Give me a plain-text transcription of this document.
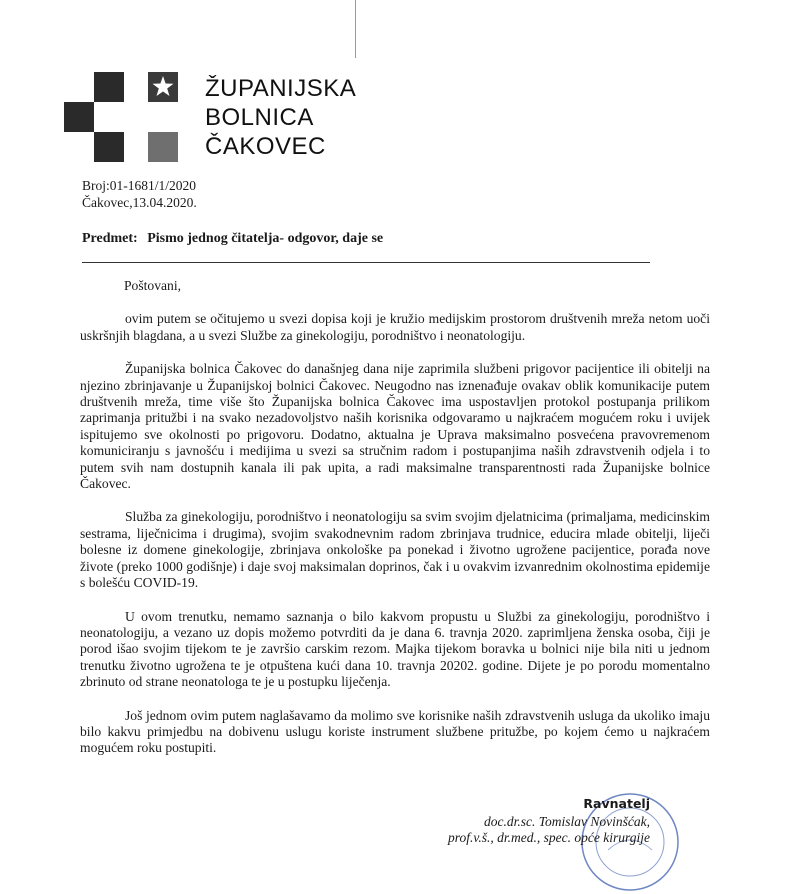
ŽUPANIJSKA
BOLNICA
ČAKOVEC
Broj:01-1681/1/2020
Čakovec,13.04.2020.
Predmet: Pismo jednog čitatelja- odgovor, daje se

Poštovani,

ovim putem se očitujemo u svezi dopisa koji je kružio medijskim prostorom društvenih mreža netom uoči uskršnjih blagdana, a u svezi Službe za ginekologiju, porodništvo i neonatologiju.

Županijska bolnica Čakovec do današnjeg dana nije zaprimila službeni prigovor pacijentice ili obitelji na njezino zbrinjavanje u Županijskoj bolnici Čakovec. Neugodno nas iznenađuje ovakav oblik komunikacije putem društvenih mreža, time više što Županijska bolnica Čakovec ima uspostavljen protokol postupanja prilikom zaprimanja pritužbi i na svako nezadovoljstvo naših korisnika odgovaramo u najkraćem mogućem roku i uvijek ispitujemo sve okolnosti po prigovoru. Dodatno, aktualna je Uprava maksimalno posvećena pravovremenom komuniciranju s javnošću i medijima u svezi sa stručnim radom i postupanjima naših zdravstvenih odjela i to putem svih nam dostupnih kanala ili pak upita, a radi maksimalne transparentnosti rada Županijske bolnice Čakovec.

Služba za ginekologiju, porodništvo i neonatologiju sa svim svojim djelatnicima (primaljama, medicinskim sestrama, liječnicima i drugima), svojim svakodnevnim radom zbrinjava trudnice, educira mlade obitelji, liječi bolesne iz domene ginekologije, zbrinjava onkološke pa ponekad i životno ugrožene pacijentice, porađa nove živote (preko 1000 godišnje) i daje svoj maksimalan doprinos, čak i u ovakvim izvanrednim okolnostima epidemije s bolešću COVID-19.

U ovom trenutku, nemamo saznanja o bilo kakvom propustu u Službi za ginekologiju, porodništvo i neonatologiju, a vezano uz dopis možemo potvrditi da je dana 6. travnja 2020. zaprimljena ženska osoba, čiji je porod išao svojim tijekom te je završio carskim rezom. Majka tijekom boravka u bolnici nije bila niti u jednom trenutku životno ugrožena te je otpuštena kući dana 10. travnja 20202. godine. Dijete je po porodu momentalno zbrinuto od strane neonatologa te je u postupku liječenja.

Još jednom ovim putem naglašavamo da molimo sve korisnike naših zdravstvenih usluga da ukoliko imaju bilo kakvu primjedbu na dobivenu uslugu koriste instrument službene pritužbe, po kojem ćemo u najkraćem mogućem roku postupiti.

Ravnatelj
doc.dr.sc. Tomislav Novinšćak,
prof.v.š., dr.med., spec. opće kirurgije
